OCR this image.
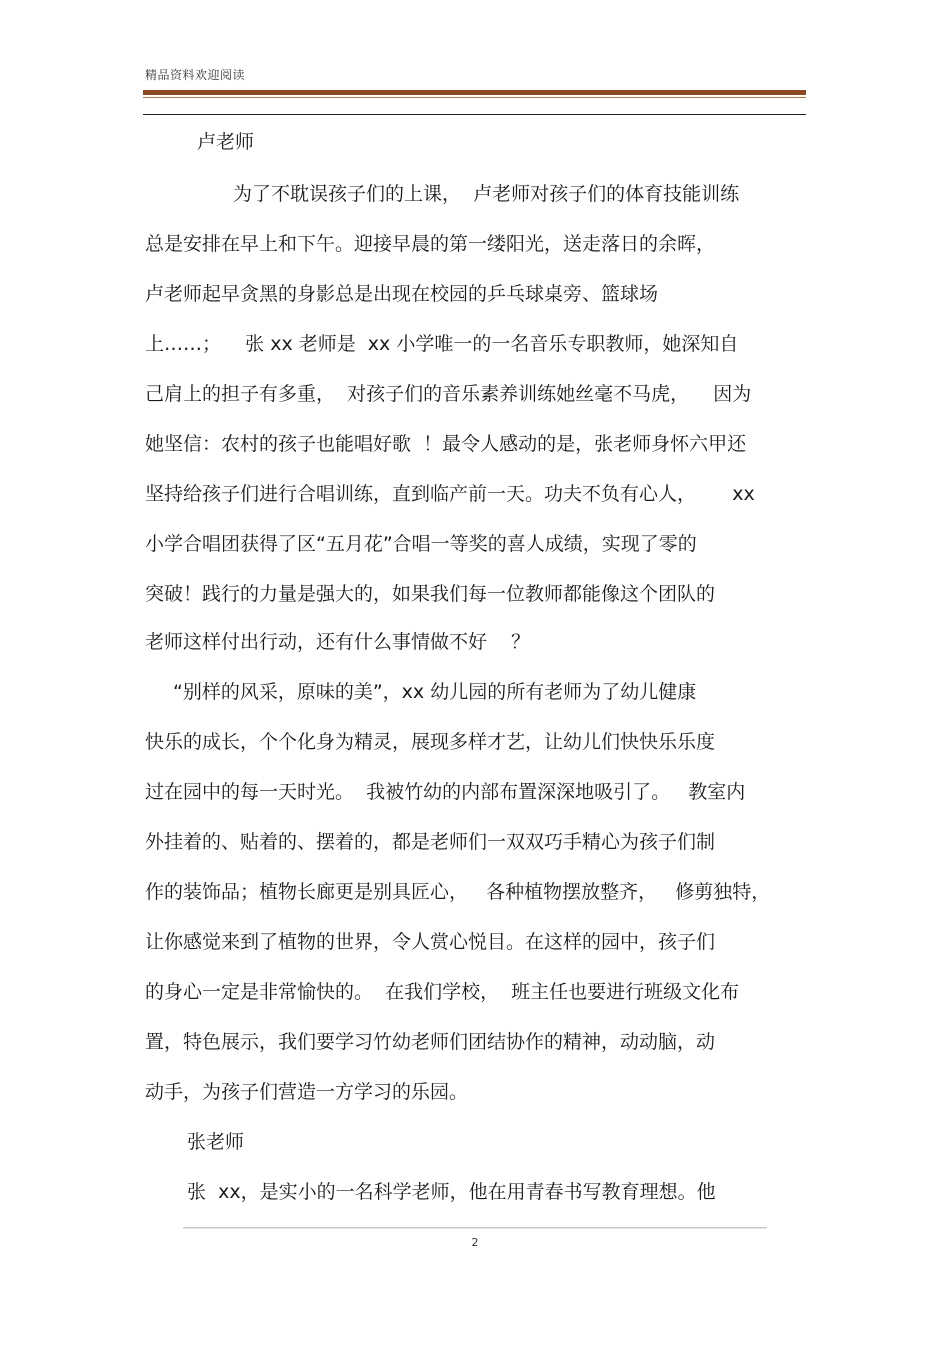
精品资料欢迎阅读
卢老师
为了不耽误孩子们的上课，  卢老师对孩子们的体育技能训练
总是安排在早上和下午。迎接早晨的第一缕阳光，送走落日的余晖，
卢老师起早贪黑的身影总是出现在校园的乒乓球桌旁、篮球场
上……；    张 xx 老师是  xx 小学唯一的一名音乐专职教师，她深知自
己肩上的担子有多重，  对孩子们的音乐素养训练她丝毫不马虎，    因为
她坚信：农村的孩子也能唱好歌  ！最令人感动的是，张老师身怀六甲还
坚持给孩子们进行合唱训练，直到临产前一天。功夫不负有心人，      xx
小学合唱团获得了区“五月花”合唱一等奖的喜人成绩，实现了零的
突破！践行的力量是强大的，如果我们每一位教师都能像这个团队的
老师这样付出行动，还有什么事情做不好    ？
“别样的风采，原味的美”，xx 幼儿园的所有老师为了幼儿健康
快乐的成长，个个化身为精灵，展现多样才艺，让幼儿们快快乐乐度
过在园中的每一天时光。  我被竹幼的内部布置深深地吸引了。   教室内
外挂着的、贴着的、摆着的，都是老师们一双双巧手精心为孩子们制
作的装饰品；植物长廊更是别具匠心，   各种植物摆放整齐，   修剪独特，
让你感觉来到了植物的世界，令人赏心悦目。在这样的园中，孩子们
的身心一定是非常愉快的。  在我们学校，  班主任也要进行班级文化布
置，特色展示，我们要学习竹幼老师们团结协作的精神，动动脑，动
动手，为孩子们营造一方学习的乐园。
张老师
张  xx，是实小的一名科学老师，他在用青春书写教育理想。他
2
